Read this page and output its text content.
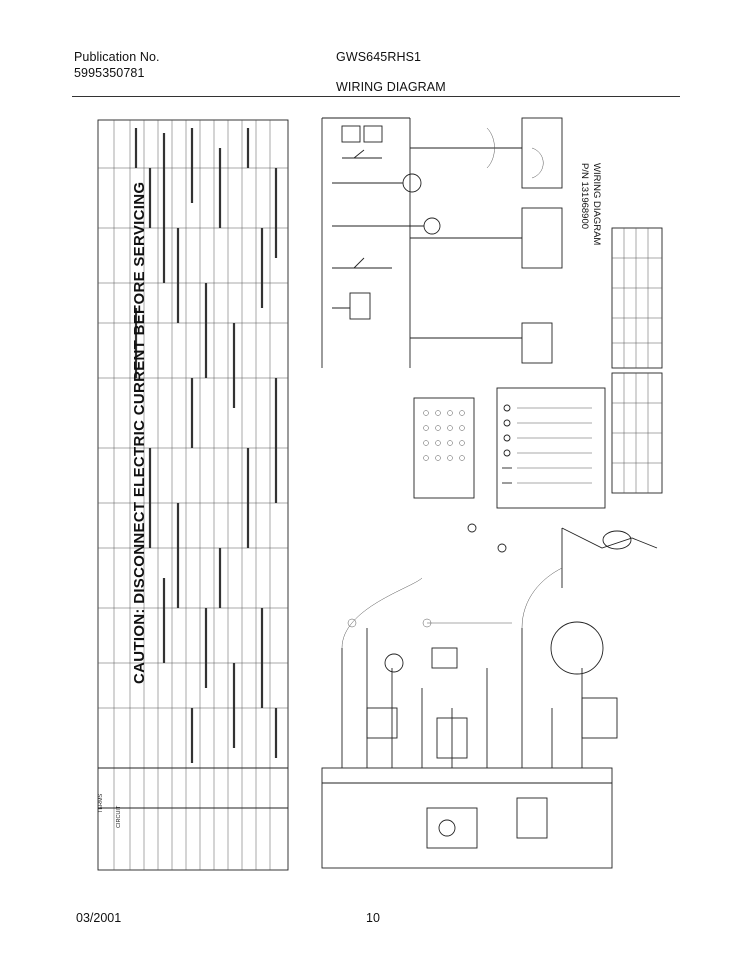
Publication No.
5995350781
GWS645RHS1
WIRING DIAGRAM
TERMS
CIRCUIT
CAUTION: DISCONNECT ELECTRIC CURRENT BEFORE SERVICING	WIRING DIAGRAM
P/N 131968900
03/2001	10
